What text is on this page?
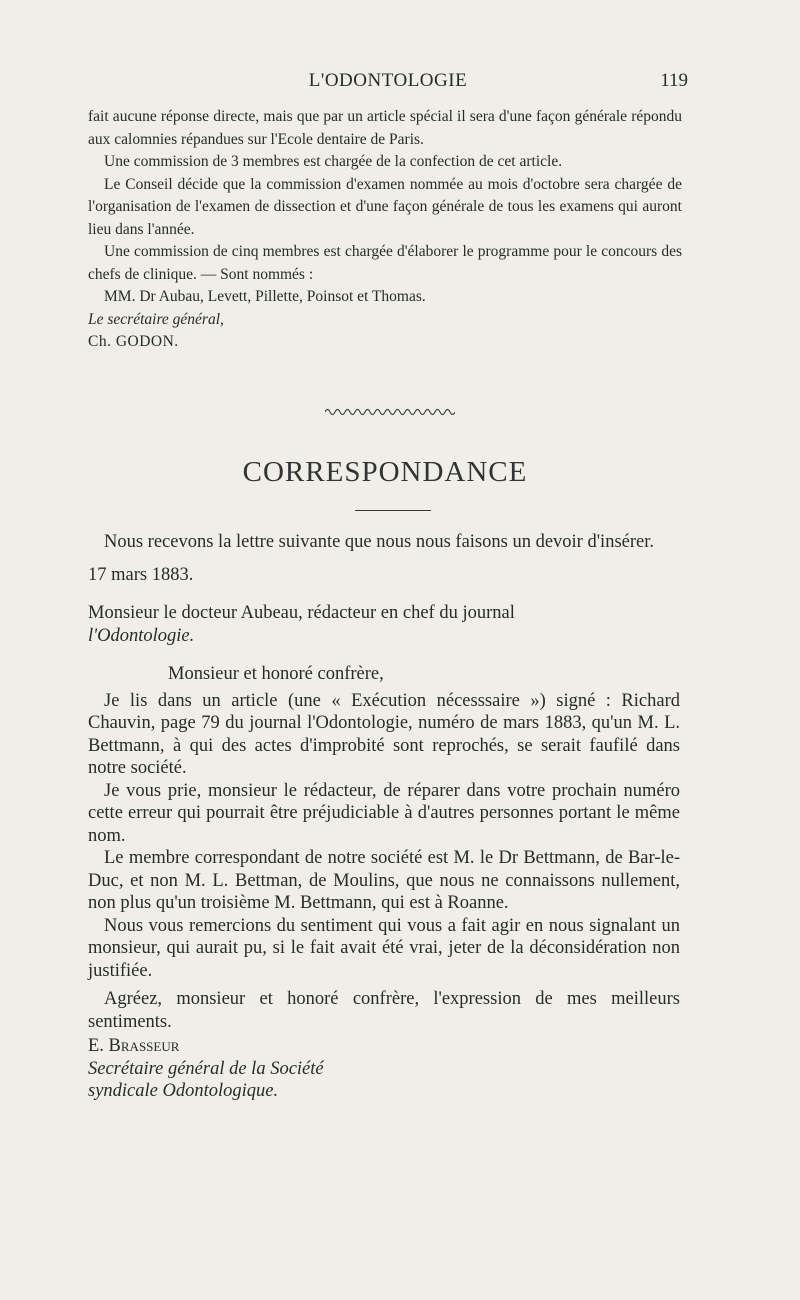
L'ODONTOLOGIE	119

fait aucune réponse directe, mais que par un article spécial il sera d'une façon générale répondu aux calomnies répandues sur l'Ecole dentaire de Paris.

Une commission de 3 membres est chargée de la confection de cet article.

Le Conseil décide que la commission d'examen nommée au mois d'octobre sera chargée de l'organisation de l'examen de dissection et d'une façon générale de tous les examens qui auront lieu dans l'année.

Une commission de cinq membres est chargée d'élaborer le programme pour le concours des chefs de clinique. — Sont nommés :

MM. Dr Aubau, Levett, Pillette, Poinsot et Thomas.

Le secrétaire général,

Ch. GODON.

CORRESPONDANCE

Nous recevons la lettre suivante que nous nous faisons un devoir d'insérer.

17 mars 1883.

Monsieur le docteur Aubeau, rédacteur en chef du journal

l'Odontologie.

Monsieur et honoré confrère,

Je lis dans un article (une « Exécution nécesssaire ») signé : Richard Chauvin, page 79 du journal l'Odontologie, numéro de mars 1883, qu'un M. L. Bettmann, à qui des actes d'improbité sont reprochés, se serait faufilé dans notre société.

Je vous prie, monsieur le rédacteur, de réparer dans votre prochain numéro cette erreur qui pourrait être préjudiciable à d'autres personnes portant le même nom.

Le membre correspondant de notre société est M. le Dr Bettmann, de Bar-le-Duc, et non M. L. Bettman, de Moulins, que nous ne connaissons nullement, non plus qu'un troisième M. Bettmann, qui est à Roanne.

Nous vous remercions du sentiment qui vous a fait agir en nous signalant un monsieur, qui aurait pu, si le fait avait été vrai, jeter de la déconsidération non justifiée.

Agréez, monsieur et honoré confrère, l'expression de mes meilleurs sentiments.

E. Brasseur

Secrétaire général de la Société

syndicale Odontologique.
